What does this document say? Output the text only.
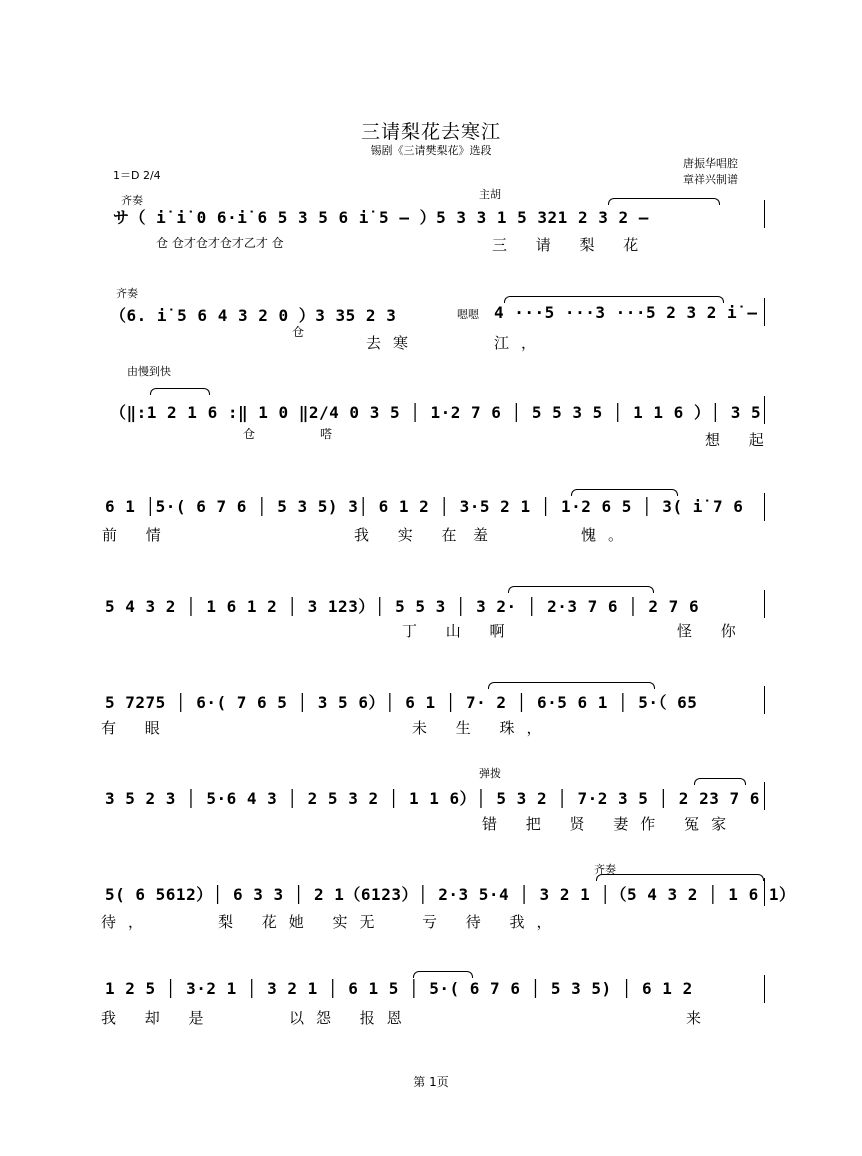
三请梨花去寒江
锡剧《三请樊梨花》选段
1＝D 2/4
唐振华唱腔
章祥兴制谱
齐奏	主胡
サ（ i̇ i̇ 0 6·i̇ 6 5 3 5 6 i̇ 5 – ）5 3 3 1 5 321 2 3 2 –
仓 仓才仓才仓才乙才 仓	三 请 梨 花
齐奏
（6. i̇ 5 6 4 3 2 0 ）3 35 2 3	嗯嗯 4 ···5 ···3 ···5 2 3 2 i̇ –
仓
去寒	江，
由慢到快
（‖:1 2 1 6 :‖ 1 0 ‖2/4 0 3 5 │ 1·2 7 6 │ 5 5 3 5 │ 1 1 6 ）│ 3 5
仓	嗒	想 起
6 1 │5·( 6 7 6 │ 5 3 5) 3│ 6 1 2 │ 3·5 2 1 │ 1·2 6 5 │ 3( i̇ 7 6
前 情	我 实 在 羞	愧。
5 4 3 2 │ 1 6 1 2 │ 3 123）│ 5 5 3 │ 3 2· │ 2·3 7 6 │ 2 7 6
丁 山 啊	怪 你
5 7275 │ 6·( 7 6 5 │ 3 5 6）│ 6 1 │ 7· 2 │ 6·5 6 1 │ 5·（ 65
有 眼	未 生 珠，
弹拨
3 5 2 3 │ 5·6 4 3 │ 2 5 3 2 │ 1 1 6）│ 5 3 2 │ 7·2 3 5 │ 2 23 7 6
错 把 贤 妻作 冤家
齐奏
5( 6 5612）│ 6 3 3 │ 2 1（6123）│ 2·3 5·4 │ 3 2 1 │（5 4 3 2 │ 1 6 1）
待，	梨 花她 实无 亏 待 我，
1 2 5 │ 3·2 1 │ 3 2 1 │ 6 1 5 │ 5·( 6 7 6 │ 5 3 5) │ 6 1 2
我 却 是	以怨 报恩	来
第 1页
